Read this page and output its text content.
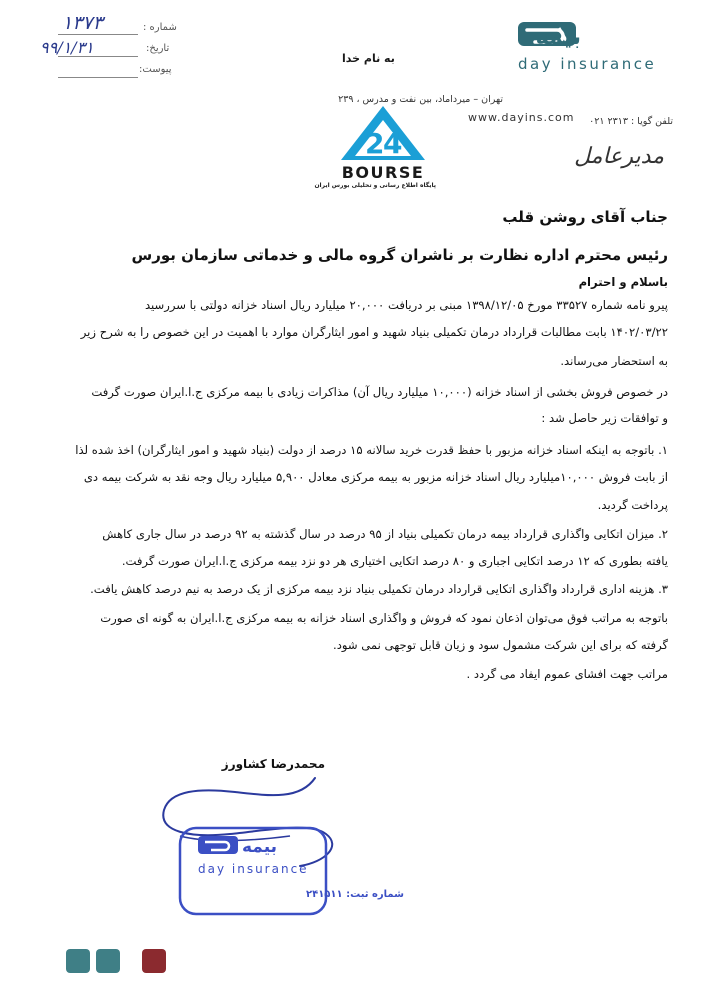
شماره :
تاریخ:
پیوست:
۱۳۷۳
۹۹/۱/۳۱
به نام خدا
بیمه
day insurance
تهران – میرداماد، بین نفت و مدرس ، ۲۳۹
تلفن گویا : ۲۳۱۳ ۰۲۱
www.dayins.com
مدیرعامل
2
4
BOURSE
پایگاه اطلاع رسانی و تحلیلی بورس ایران
جناب آقای روشن قلب
رئیس محترم اداره نظارت بر ناشران گروه مالی و خدماتی سازمان بورس
باسلام و احترام
پیرو نامه شماره ۳۳۵۲۷ مورخ ۱۳۹۸/۱۲/۰۵ مبنی بر دریافت ۲۰,۰۰۰ میلیارد ریال اسناد خزانه دولتی با سررسید
۱۴۰۲/۰۳/۲۲ بابت مطالبات قرارداد درمان تکمیلی بنیاد شهید و امور ایثارگران موارد با اهمیت در این خصوص را به شرح زیر
به استحضار می‌رساند.
در خصوص فروش بخشی از اسناد خزانه (۱۰,۰۰۰ میلیارد ریال آن) مذاکرات زیادی با بیمه مرکزی ج.ا.ایران صورت گرفت
و توافقات زیر حاصل شد :
۱. باتوجه به اینکه اسناد خزانه مزبور با حفظ قدرت خرید سالانه ۱۵ درصد از دولت (بنیاد شهید و امور ایثارگران) اخذ شده لذا
از بابت فروش ۱۰,۰۰۰میلیارد ریال اسناد خزانه مزبور به بیمه مرکزی معادل ۵,۹۰۰ میلیارد ریال وجه نقد به شرکت بیمه دی
پرداخت گردید.
۲. میزان اتکایی واگذاری قرارداد بیمه درمان تکمیلی بنیاد از ۹۵ درصد در سال گذشته به ۹۲ درصد در سال جاری کاهش
یافته بطوری که ۱۲ درصد اتکایی اجباری و ۸۰ درصد اتکایی اختیاری هر دو نزد بیمه مرکزی ج.ا.ایران صورت گرفت.
۳. هزینه اداری قرارداد واگذاری اتکایی قرارداد درمان تکمیلی بنیاد نزد بیمه مرکزی از یک درصد به نیم درصد کاهش یافت.
باتوجه به مراتب فوق می‌توان اذعان نمود که فروش و واگذاری اسناد خزانه به بیمه مرکزی ج.ا.ایران به گونه ای صورت
گرفته که برای این شرکت مشمول سود و زیان قابل توجهی نمی شود.
مراتب جهت افشای عموم ایفاد می گردد .
محمدرضا کشاورز
بیمه
day insurance
شماره ثبت: ۲۴۱۵۱۱
